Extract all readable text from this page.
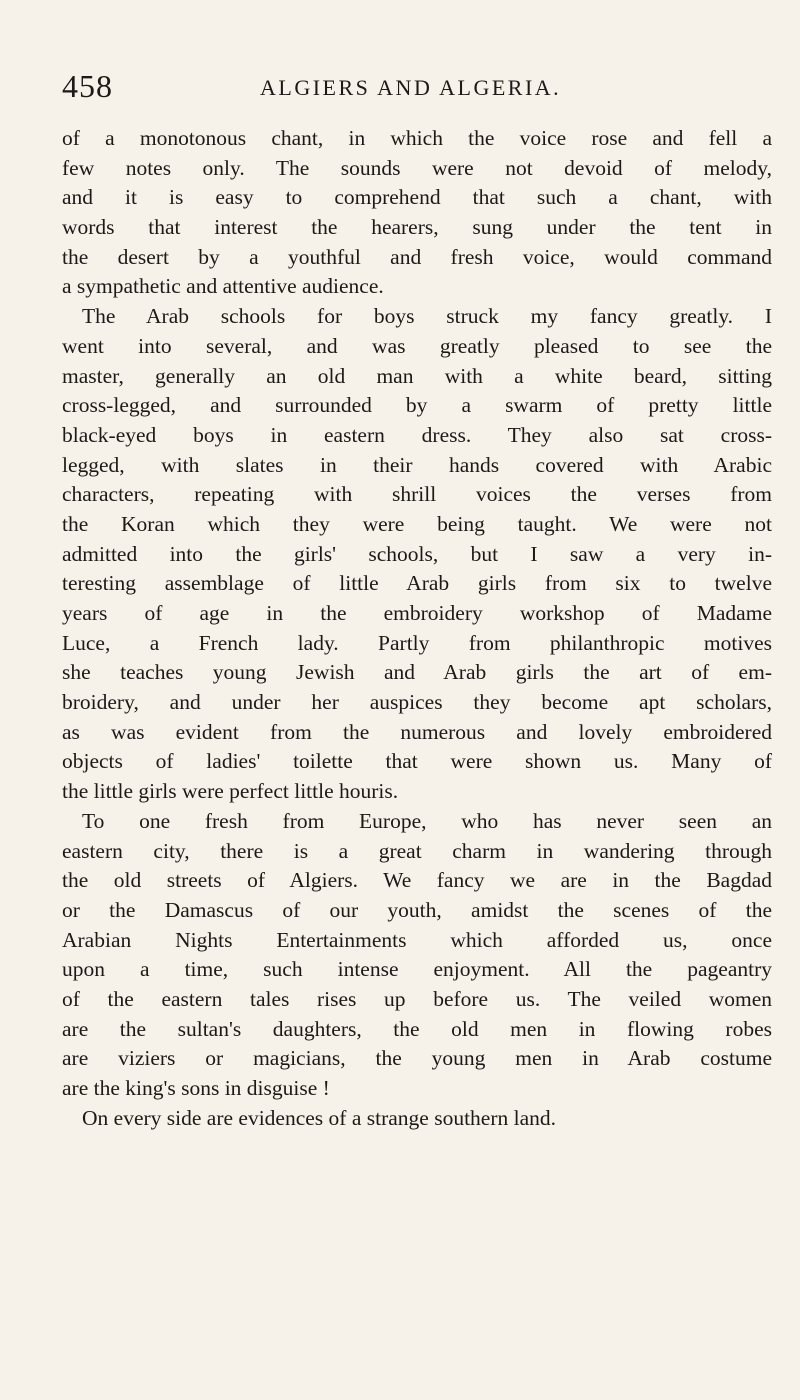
458	ALGIERS AND ALGERIA.
of a monotonous chant, in which the voice rose and fell a
few notes only. The sounds were not devoid of melody,
and it is easy to comprehend that such a chant, with
words that interest the hearers, sung under the tent in
the desert by a youthful and fresh voice, would command
a sympathetic and attentive audience.
The Arab schools for boys struck my fancy greatly. I
went into several, and was greatly pleased to see the
master, generally an old man with a white beard, sitting
cross-legged, and surrounded by a swarm of pretty little
black-eyed boys in eastern dress. They also sat cross-
legged, with slates in their hands covered with Arabic
characters, repeating with shrill voices the verses from
the Koran which they were being taught. We were not
admitted into the girls' schools, but I saw a very in-
teresting assemblage of little Arab girls from six to twelve
years of age in the embroidery workshop of Madame
Luce, a French lady. Partly from philanthropic motives
she teaches young Jewish and Arab girls the art of em-
broidery, and under her auspices they become apt scholars,
as was evident from the numerous and lovely embroidered
objects of ladies' toilette that were shown us. Many of
the little girls were perfect little houris.
To one fresh from Europe, who has never seen an
eastern city, there is a great charm in wandering through
the old streets of Algiers. We fancy we are in the Bagdad
or the Damascus of our youth, amidst the scenes of the
Arabian Nights Entertainments which afforded us, once
upon a time, such intense enjoyment. All the pageantry
of the eastern tales rises up before us. The veiled women
are the sultan's daughters, the old men in flowing robes
are viziers or magicians, the young men in Arab costume
are the king's sons in disguise !
On every side are evidences of a strange southern land.
